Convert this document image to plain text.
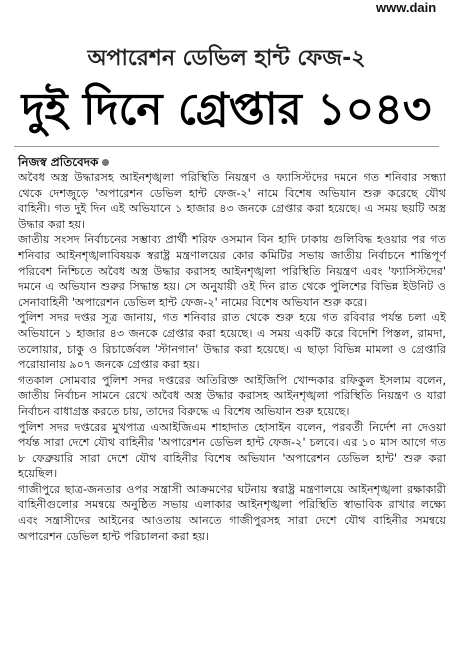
www.dain
অপারেশন ডেভিল হান্ট ফেজ-২
দুই দিনে গ্রেপ্তার ১০৪৩
নিজস্ব প্রতিবেদক

অবৈধ অস্ত্র উদ্ধারসহ আইনশৃঙ্খলা পরিস্থিতি নিয়ন্ত্রণ ও ফ্যাসিস্টদের দমনে গত শনিবার সন্ধ্যা থেকে দেশজুড়ে 'অপারেশন ডেভিল হান্ট ফেজ-২' নামে বিশেষ অভিযান শুরু করেছে যৌথ বাহিনী। গত দুই দিন এই অভিযানে ১ হাজার ৪৩ জনকে গ্রেপ্তার করা হয়েছে। এ সময় ছয়টি অস্ত্র উদ্ধার করা হয়।

জাতীয় সংসদ নির্বাচনের সম্ভাব্য প্রার্থী শরিফ ওসমান বিন হাদি ঢাকায় গুলিবিদ্ধ হওয়ার পর গত শনিবার আইনশৃঙ্খলাবিষয়ক স্বরাষ্ট্র মন্ত্রণালয়ের কোর কমিটির সভায় জাতীয় নির্বাচনে শান্তিপূর্ণ পরিবেশ নিশ্চিতে অবৈধ অস্ত্র উদ্ধার করাসহ আইনশৃঙ্খলা পরিস্থিতি নিয়ন্ত্রণ এবং 'ফ্যাসিস্টদের' দমনে এ অভিযান শুরুর সিদ্ধান্ত হয়। সে অনুযায়ী ওই দিন রাত থেকে পুলিশের বিভিন্ন ইউনিট ও সেনাবাহিনী 'অপারেশন ডেভিল হান্ট ফেজ-২' নামের বিশেষ অভিযান শুরু করে।

পুলিশ সদর দপ্তর সূত্র জানায়, গত শনিবার রাত থেকে শুরু হয়ে গত রবিবার পর্যন্ত চলা এই অভিযানে ১ হাজার ৪৩ জনকে গ্রেপ্তার করা হয়েছে। এ সময় একটি করে বিদেশি পিস্তল, রামদা, তলোয়ার, চাকু ও রিচার্জেবল 'স্টানগান' উদ্ধার করা হয়েছে। এ ছাড়া বিভিন্ন মামলা ও গ্রেপ্তারি পরোয়ানায় ৯০৭ জনকে গ্রেপ্তার করা হয়।

গতকাল সোমবার পুলিশ সদর দপ্তরের অতিরিক্ত আইজিপি খোন্দকার রফিকুল ইসলাম বলেন, জাতীয় নির্বাচন সামনে রেখে অবৈধ অস্ত্র উদ্ধার করাসহ আইনশৃঙ্খলা পরিস্থিতি নিয়ন্ত্রণ ও যারা নির্বাচন বাধাগ্রস্ত করতে চায়, তাদের বিরুদ্ধে এ বিশেষ অভিযান শুরু হয়েছে।

পুলিশ সদর দপ্তরের মুখপাত্র এআইজিএম শাহাদাত হোসাইন বলেন, পরবর্তী নির্দেশ না দেওয়া পর্যন্ত সারা দেশে যৌথ বাহিনীর 'অপারেশন ডেভিল হান্ট ফেজ-২' চলবে। এর ১০ মাস আগে গত ৮ ফেব্রুয়ারি সারা দেশে যৌথ বাহিনীর বিশেষ অভিযান 'অপারেশন ডেভিল হান্ট' শুরু করা হয়েছিল।

গাজীপুরে ছাত্র-জনতার ওপর সন্ত্রাসী আক্রমণের ঘটনায় স্বরাষ্ট্র মন্ত্রণালয়ে আইনশৃঙ্খলা রক্ষাকারী বাহিনীগুলোর সমন্বয়ে অনুষ্ঠিত সভায় এলাকার আইনশৃঙ্খলা পরিস্থিতি স্বাভাবিক রাখার লক্ষ্যে এবং সন্ত্রাসীদের আইনের আওতায় আনতে গাজীপুরসহ সারা দেশে যৌথ বাহিনীর সমন্বয়ে অপারেশন ডেভিল হান্ট পরিচালনা করা হয়।
